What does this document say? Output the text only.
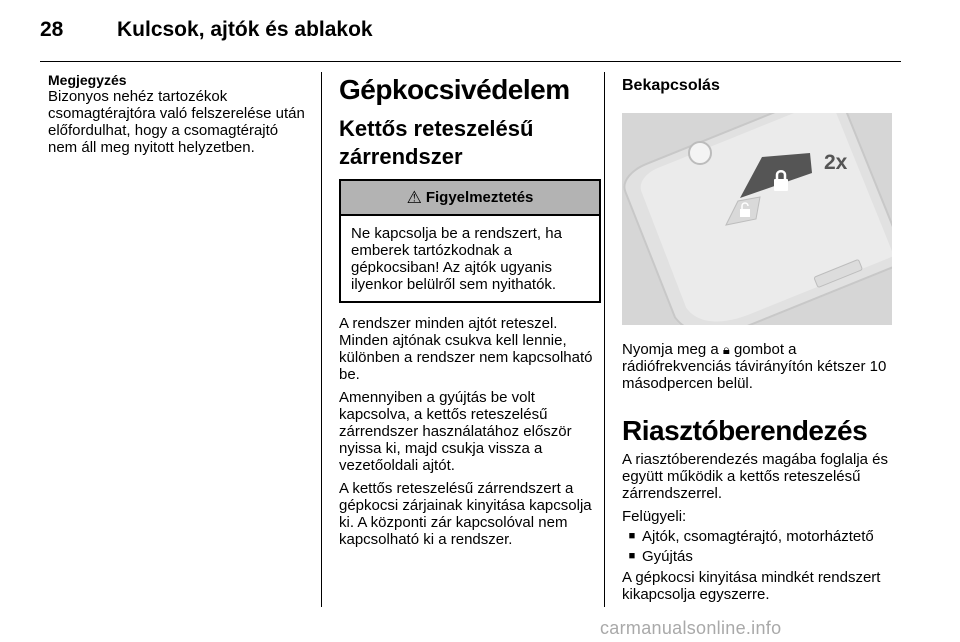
28	Kulcsok, ajtók és ablakok
Megjegyzés

Bizonyos nehéz tartozékok csomagtérajtóra való felszerelése után előfordulhat, hogy a csomagtérajtó nem áll meg nyitott helyzetben.

Gépkocsivédelem
Kettős reteszelésű zárrendszer
⚠ Figyelmeztetés
Ne kapcsolja be a rendszert, ha emberek tartózkodnak a gépkocsiban! Az ajtók ugyanis ilyenkor belülről sem nyithatók.

A rendszer minden ajtót reteszel. Minden ajtónak csukva kell lennie, különben a rendszer nem kapcsolható be.

Amennyiben a gyújtás be volt kapcsolva, a kettős reteszelésű zárrendszer használatához először nyissa ki, majd csukja vissza a vezetőoldali ajtót.

A kettős reteszelésű zárrendszert a gépkocsi zárjainak kinyitása kapcsolja ki. A központi zár kapcsolóval nem kapcsolható ki a rendszer.

Bekapcsolás
2x

Nyomja meg a 🔒︎ gombot a rádiófrekvenciás távirányítón kétszer 10 másodpercen belül.

Riasztóberendezés

A riasztóberendezés magába foglalja és együtt működik a kettős reteszelésű zárrendszerrel.

Felügyeli:

■ Ajtók, csomagtérajtó, motorháztető
■ Gyújtás

A gépkocsi kinyitása mindkét rendszert kikapcsolja egyszerre.

carmanualsonline.info
